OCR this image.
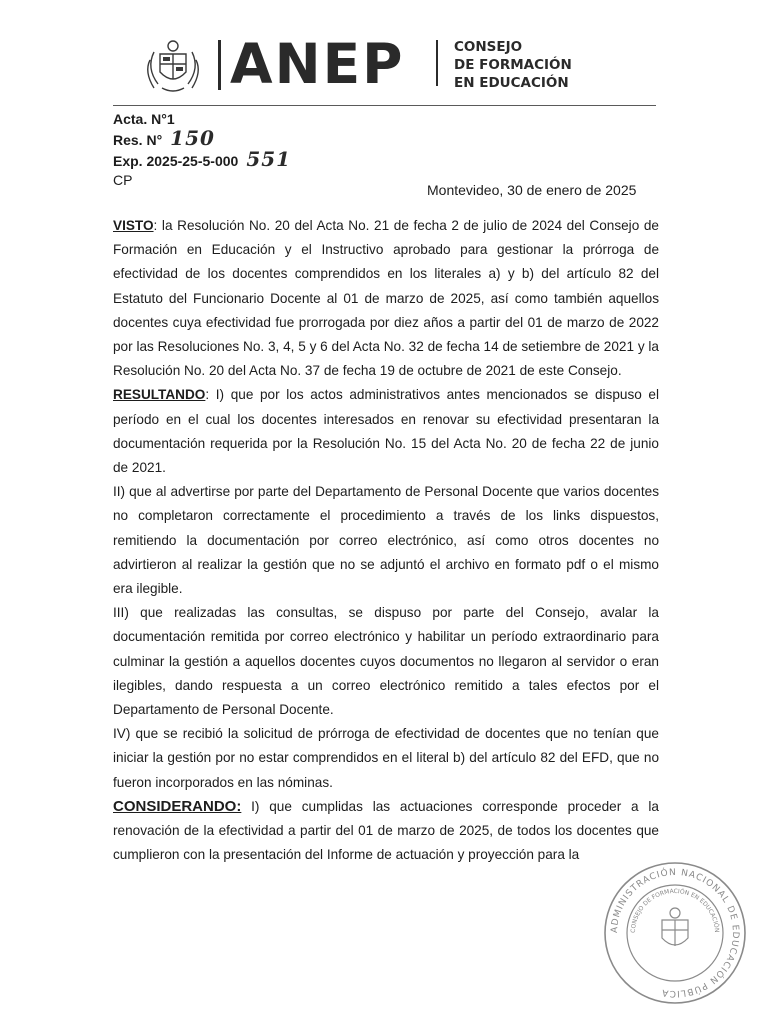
ANEP	CONSEJO
DE FORMACIÓN
EN EDUCACIÓN
Acta. N°1
Res. N° 150
Exp. 2025-25-5-000 551
CP
Montevideo, 30 de enero de 2025

VISTO: la Resolución No. 20 del Acta No. 21 de fecha 2 de julio de 2024 del Consejo de Formación en Educación y el Instructivo aprobado para gestionar la prórroga de efectividad de los docentes comprendidos en los literales a) y b) del artículo 82 del Estatuto del Funcionario Docente al 01 de marzo de 2025, así como también aquellos docentes cuya efectividad fue prorrogada por diez años a partir del 01 de marzo de 2022 por las Resoluciones No. 3, 4, 5 y 6 del Acta No. 32 de fecha 14 de setiembre de 2021 y la Resolución No. 20 del Acta No. 37 de fecha 19 de octubre de 2021 de este Consejo.

RESULTANDO: I) que por los actos administrativos antes mencionados se dispuso el período en el cual los docentes interesados en renovar su efectividad presentaran la documentación requerida por la Resolución No. 15 del Acta No. 20 de fecha 22 de junio de 2021.

II) que al advertirse por parte del Departamento de Personal Docente que varios docentes no completaron correctamente el procedimiento a través de los links dispuestos, remitiendo la documentación por correo electrónico, así como otros docentes no advirtieron al realizar la gestión que no se adjuntó el archivo en formato pdf o el mismo era ilegible.

III) que realizadas las consultas, se dispuso por parte del Consejo, avalar la documentación remitida por correo electrónico y habilitar un período extraordinario para culminar la gestión a aquellos docentes cuyos documentos no llegaron al servidor o eran ilegibles, dando respuesta a un correo electrónico remitido a tales efectos por el Departamento de Personal Docente.

IV) que se recibió la solicitud de prórroga de efectividad de docentes que no tenían que iniciar la gestión por no estar comprendidos en el literal b) del artículo 82 del EFD, que no fueron incorporados en las nóminas.

CONSIDERANDO: I) que cumplidas las actuaciones corresponde proceder a la renovación de la efectividad a partir del 01 de marzo de 2025, de todos los docentes que cumplieron con la presentación del Informe de actuación y proyección para la

ADMINISTRACIÓN NACIONAL DE EDUCACIÓN PÚBLICA
CONSEJO DE FORMACIÓN EN EDUCACIÓN
